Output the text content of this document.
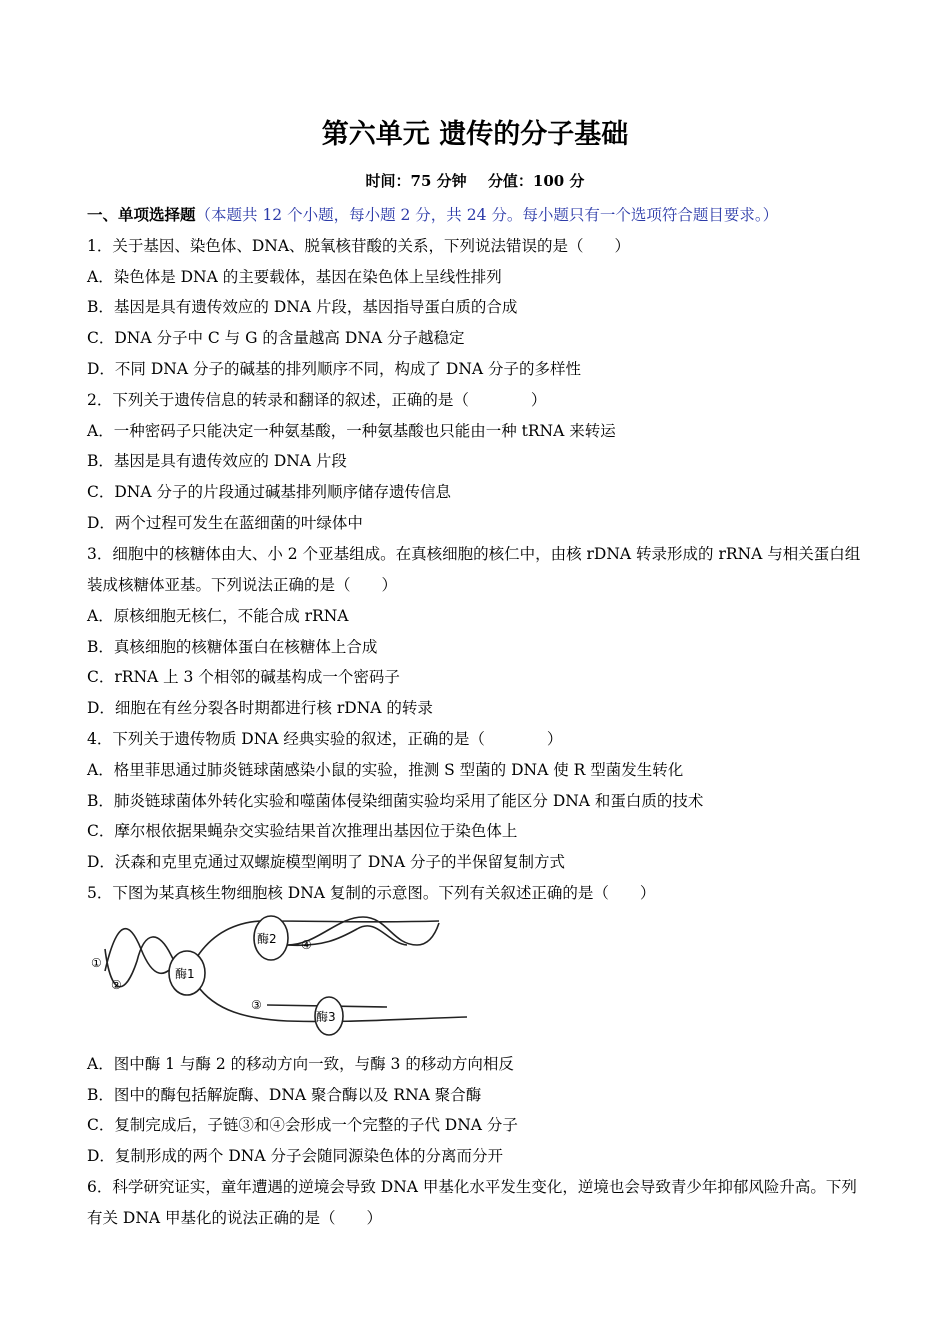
第六单元 遗传的分子基础
时间：75 分钟 分值：100 分
一、单项选择题（本题共 12 个小题，每小题 2 分，共 24 分。每小题只有一个选项符合题目要求。）
1．关于基因、染色体、DNA、脱氧核苷酸的关系，下列说法错误的是（　　）
A．染色体是 DNA 的主要载体，基因在染色体上呈线性排列
B．基因是具有遗传效应的 DNA 片段，基因指导蛋白质的合成
C．DNA 分子中 C 与 G 的含量越高 DNA 分子越稳定
D．不同 DNA 分子的碱基的排列顺序不同，构成了 DNA 分子的多样性
2．下列关于遗传信息的转录和翻译的叙述，正确的是（　　　　）
A．一种密码子只能决定一种氨基酸，一种氨基酸也只能由一种 tRNA 来转运
B．基因是具有遗传效应的 DNA 片段
C．DNA 分子的片段通过碱基排列顺序储存遗传信息
D．两个过程可发生在蓝细菌的叶绿体中
3．细胞中的核糖体由大、小 2 个亚基组成。在真核细胞的核仁中，由核 rDNA 转录形成的 rRNA 与相关蛋白组装成核糖体亚基。下列说法正确的是（　　）
A．原核细胞无核仁，不能合成 rRNA
B．真核细胞的核糖体蛋白在核糖体上合成
C．rRNA 上 3 个相邻的碱基构成一个密码子
D．细胞在有丝分裂各时期都进行核 rDNA 的转录
4．下列关于遗传物质 DNA 经典实验的叙述，正确的是（　　　　）
A．格里菲思通过肺炎链球菌感染小鼠的实验，推测 S 型菌的 DNA 使 R 型菌发生转化
B．肺炎链球菌体外转化实验和噬菌体侵染细菌实验均采用了能区分 DNA 和蛋白质的技术
C．摩尔根依据果蝇杂交实验结果首次推理出基因位于染色体上
D．沃森和克里克通过双螺旋模型阐明了 DNA 分子的半保留复制方式
5．下图为某真核生物细胞核 DNA 复制的示意图。下列有关叙述正确的是（　　）
酶1
酶2
酶3
①
②
③
④
A．图中酶 1 与酶 2 的移动方向一致，与酶 3 的移动方向相反
B．图中的酶包括解旋酶、DNA 聚合酶以及 RNA 聚合酶
C．复制完成后，子链③和④会形成一个完整的子代 DNA 分子
D．复制形成的两个 DNA 分子会随同源染色体的分离而分开
6．科学研究证实，童年遭遇的逆境会导致 DNA 甲基化水平发生变化，逆境也会导致青少年抑郁风险升高。下列有关 DNA 甲基化的说法正确的是（　　）
